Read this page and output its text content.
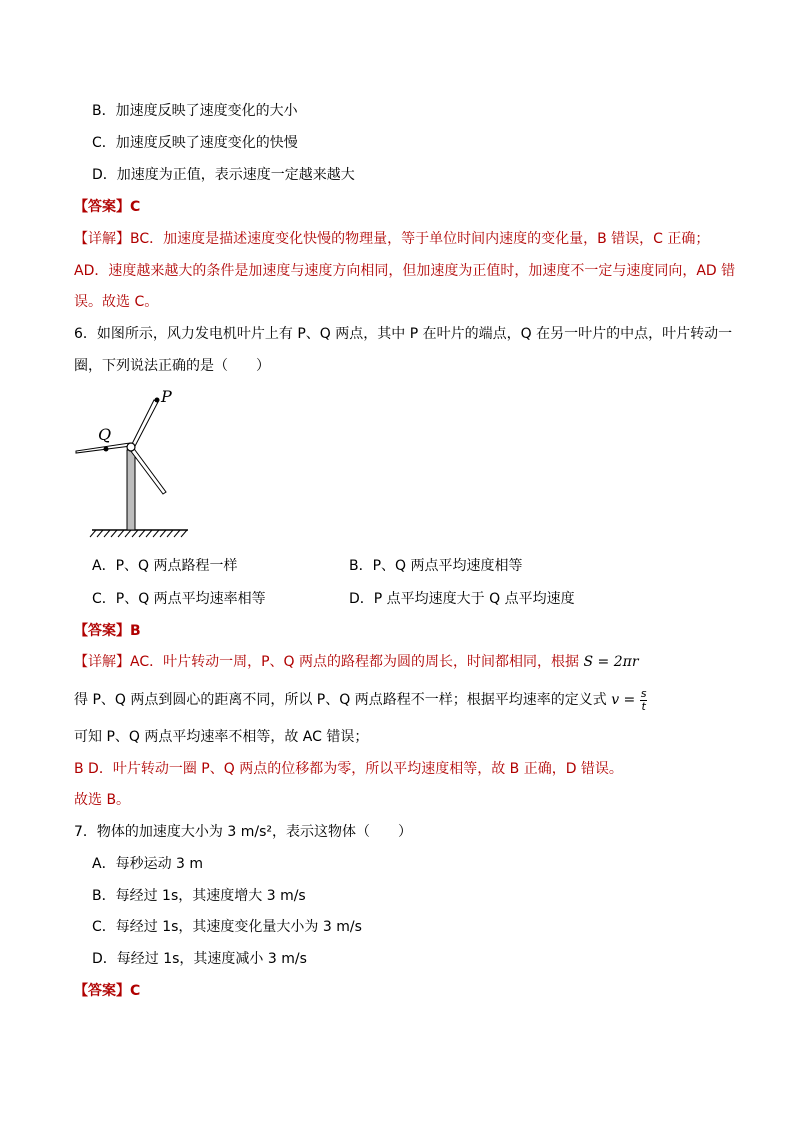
B．加速度反映了速度变化的大小
C．加速度反映了速度变化的快慢
D．加速度为正值，表示速度一定越来越大
【答案】C
【详解】BC．加速度是描述速度变化快慢的物理量，等于单位时间内速度的变化量，B 错误，C 正确；
AD．速度越来越大的条件是加速度与速度方向相同，但加速度为正值时，加速度不一定与速度同向，AD 错
误。故选 C。
6．如图所示，风力发电机叶片上有 P、Q 两点，其中 P 在叶片的端点，Q 在另一叶片的中点，叶片转动一
圈，下列说法正确的是（　　）
P
Q
A．P、Q 两点路程一样	B．P、Q 两点平均速度相等
C．P、Q 两点平均速率相等	D．P 点平均速度大于 Q 点平均速度
【答案】B
【详解】AC．叶片转动一周，P、Q 两点的路程都为圆的周长，时间都相同，根据 S = 2πr
得 P、Q 两点到圆心的距离不同，所以 P、Q 两点路程不一样；根据平均速率的定义式 $v = \frac{s}{t}$
可知 P、Q 两点平均速率不相等，故 AC 错误；
B D．叶片转动一圈 P、Q 两点的位移都为零，所以平均速度相等，故 B 正确，D 错误。
故选 B。
7．物体的加速度大小为 3 m/s²，表示这物体（　　）
A．每秒运动 3 m
B．每经过 1s，其速度增大 3 m/s
C．每经过 1s，其速度变化量大小为 3 m/s
D．每经过 1s，其速度减小 3 m/s
【答案】C
